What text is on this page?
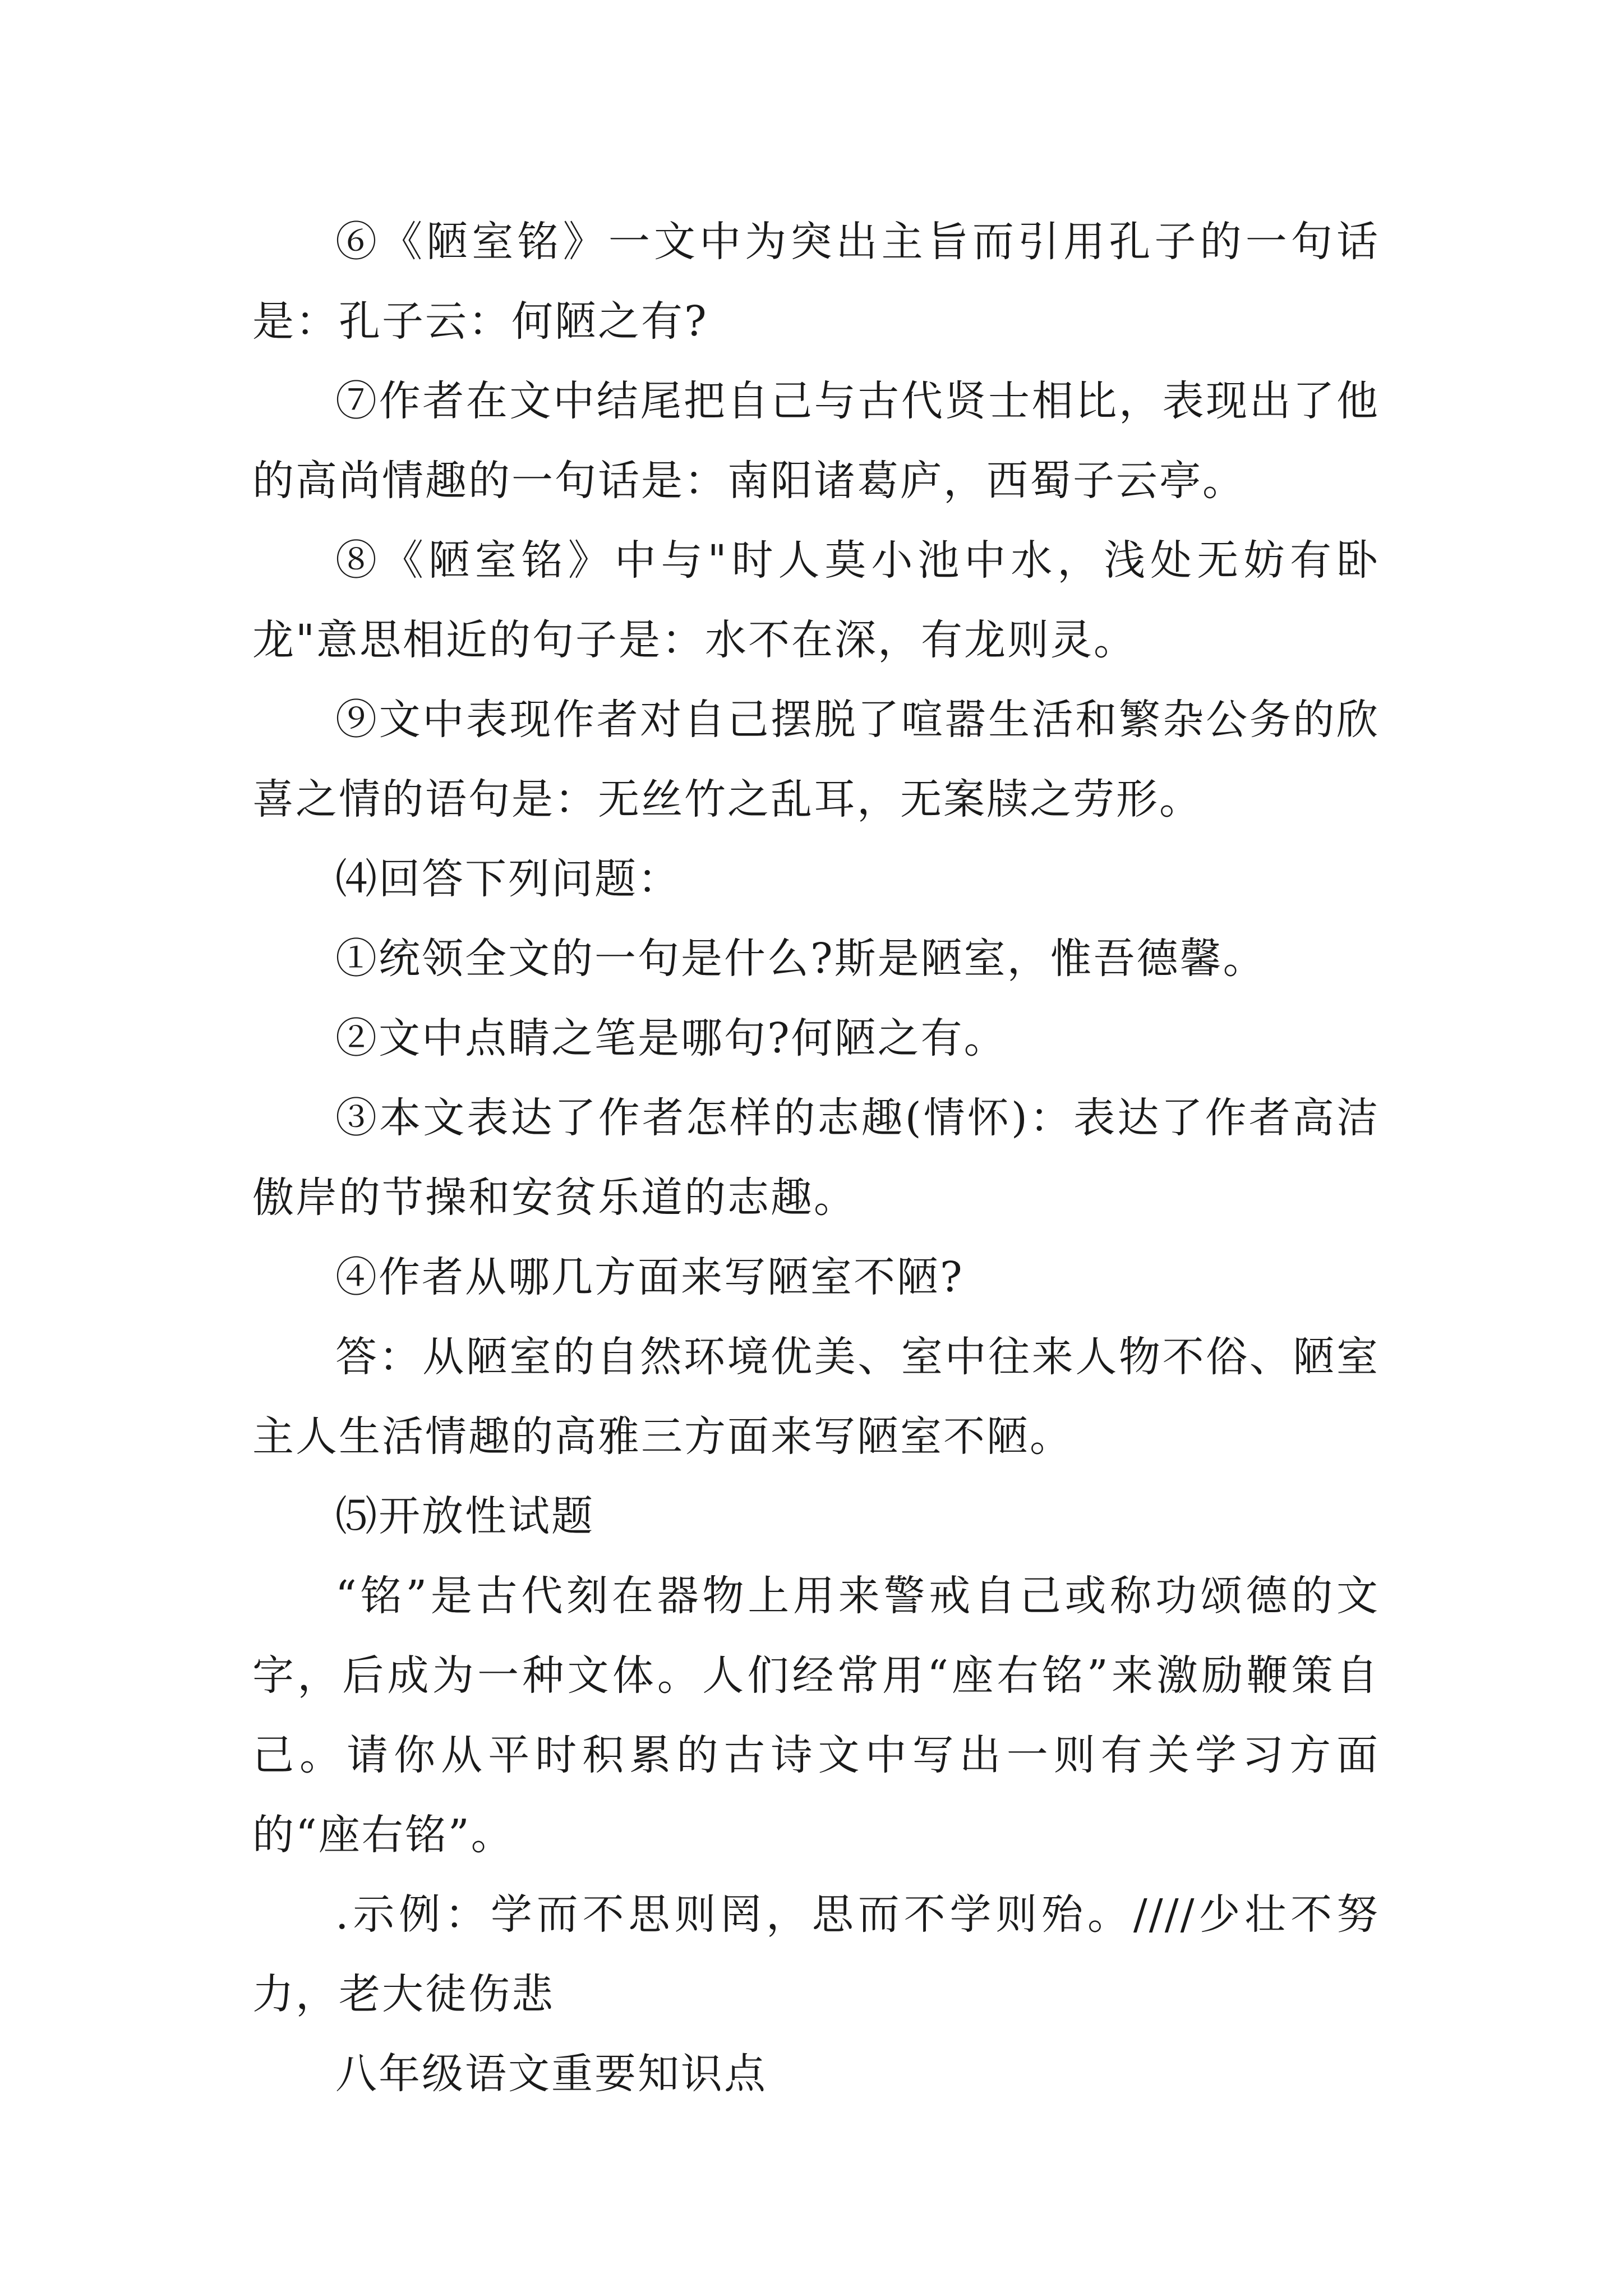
⑥《陋室铭》一文中为突出主旨而引用孔子的一句话是：孔子云：何陋之有?

⑦作者在文中结尾把自己与古代贤士相比，表现出了他的高尚情趣的一句话是：南阳诸葛庐，西蜀子云亭。

⑧《陋室铭》中与"时人莫小池中水，浅处无妨有卧龙"意思相近的句子是：水不在深，有龙则灵。

⑨文中表现作者对自己摆脱了喧嚣生活和繁杂公务的欣喜之情的语句是：无丝竹之乱耳，无案牍之劳形。

⑷回答下列问题：

①统领全文的一句是什么?斯是陋室，惟吾德馨。

②文中点睛之笔是哪句?何陋之有。

③本文表达了作者怎样的志趣(情怀)：表达了作者高洁傲岸的节操和安贫乐道的志趣。

④作者从哪几方面来写陋室不陋?

答：从陋室的自然环境优美、室中往来人物不俗、陋室主人生活情趣的高雅三方面来写陋室不陋。

⑸开放性试题

“铭”是古代刻在器物上用来警戒自己或称功颂德的文字，后成为一种文体。人们经常用“座右铭”来激励鞭策自己。请你从平时积累的古诗文中写出一则有关学习方面的“座右铭”。

.示例：学而不思则罔，思而不学则殆。////少壮不努力，老大徒伤悲

八年级语文重要知识点
